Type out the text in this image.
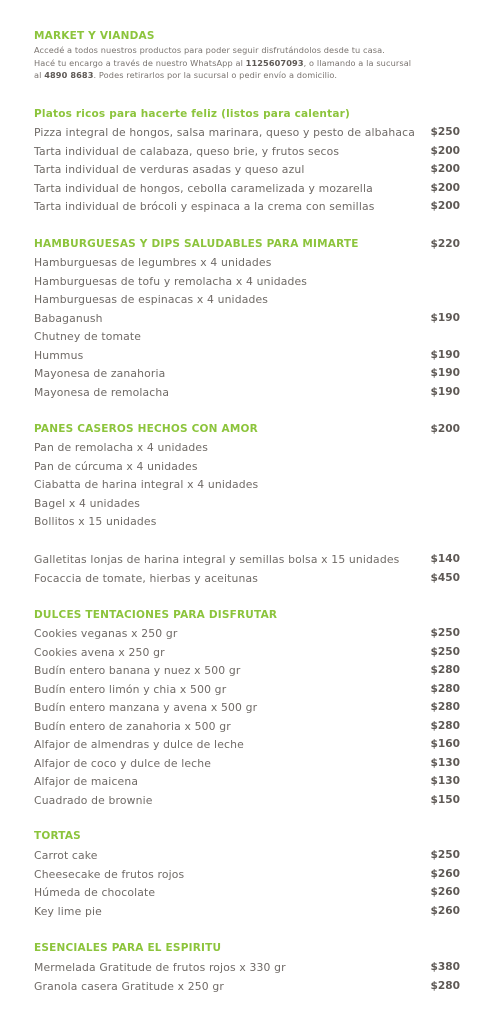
MARKET Y VIANDAS
Accedé a todos nuestros productos para poder seguir disfrutándolos desde tu casa.
Hacé tu encargo a través de nuestro WhatsApp al 1125607093, o llamando a la sucursal
al 4890 8683. Podes retirarlos por la sucursal o pedir envío a domicilio.
Platos ricos para hacerte feliz (listos para calentar)
Pizza integral de hongos, salsa marinara, queso y pesto de albahaca $250
Tarta individual de calabaza, queso brie, y frutos secos	$200
Tarta individual de verduras asadas y queso azul	$200
Tarta individual de hongos, cebolla caramelizada y mozarella	$200
Tarta individual de brócoli y espinaca a la crema con semillas	$200
HAMBURGUESAS Y DIPS SALUDABLES PARA MIMARTE	$220
Hamburguesas de legumbres x 4 unidades
Hamburguesas de tofu y remolacha x 4 unidades
Hamburguesas de espinacas x 4 unidades
Babaganush	$190
Chutney de tomate
Hummus	$190
Mayonesa de zanahoria	$190
Mayonesa de remolacha	$190
PANES CASEROS HECHOS CON AMOR	$200
Pan de remolacha x 4 unidades
Pan de cúrcuma x 4 unidades
Ciabatta de harina integral x 4 unidades
Bagel x 4 unidades
Bollitos x 15 unidades
Galletitas lonjas de harina integral y semillas bolsa x 15 unidades	$140
Focaccia de tomate, hierbas y aceitunas	$450
DULCES TENTACIONES PARA DISFRUTAR
Cookies veganas x 250 gr	$250
Cookies avena x 250 gr	$250
Budín entero banana y nuez x 500 gr	$280
Budín entero limón y chia x 500 gr	$280
Budín entero manzana y avena x 500 gr	$280
Budín entero de zanahoria x 500 gr	$280
Alfajor de almendras y dulce de leche	$160
Alfajor de coco y dulce de leche	$130
Alfajor de maicena	$130
Cuadrado de brownie	$150
TORTAS
Carrot cake	$250
Cheesecake de frutos rojos	$260
Húmeda de chocolate	$260
Key lime pie	$260
ESENCIALES PARA EL ESPIRITU
Mermelada Gratitude de frutos rojos x 330 gr	$380
Granola casera Gratitude x 250 gr	$280
